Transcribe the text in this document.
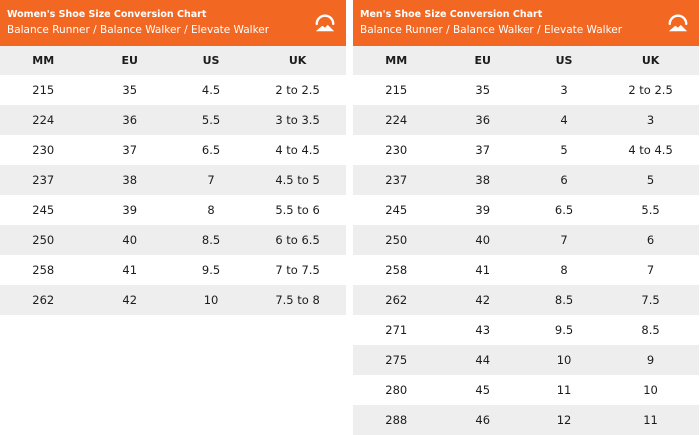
Women's Shoe Size Conversion Chart
Balance Runner / Balance Walker / Elevate Walker
MM	EU	US	UK
215	35	4.5	2 to 2.5
224	36	5.5	3 to 3.5
230	37	6.5	4 to 4.5
237	38	7	4.5 to 5
245	39	8	5.5 to 6
250	40	8.5	6 to 6.5
258	41	9.5	7 to 7.5
262	42	10	7.5 to 8
Men's Shoe Size Conversion Chart
Balance Runner / Balance Walker / Elevate Walker
MM	EU	US	UK
215	35	3	2 to 2.5
224	36	4	3
230	37	5	4 to 4.5
237	38	6	5
245	39	6.5	5.5
250	40	7	6
258	41	8	7
262	42	8.5	7.5
271	43	9.5	8.5
275	44	10	9
280	45	11	10
288	46	12	11
